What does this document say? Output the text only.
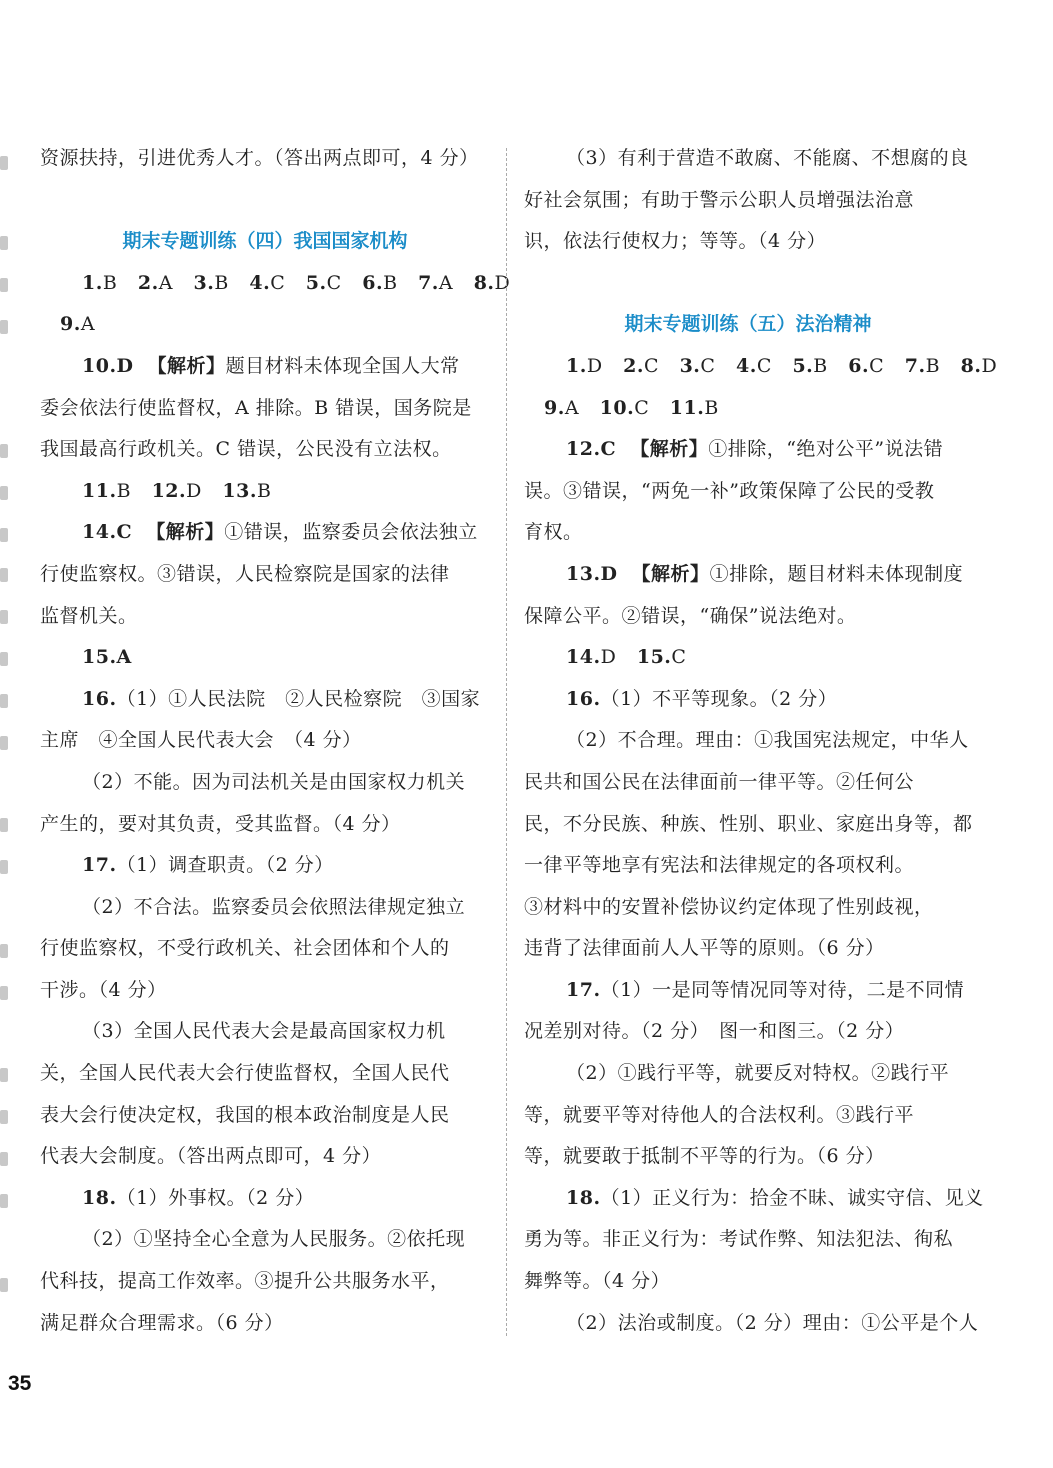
资源扶持，引进优秀人才。（答出两点即可，4 分）
期末专题训练（四）我国国家机构
1.B 2.A 3.B 4.C 5.C 6.B 7.A 8.D
9.A
10.D 【解析】题目材料未体现全国人大常
委会依法行使监督权，A 排除。B 错误，国务院是
我国最高行政机关。C 错误，公民没有立法权。
11.B 12.D 13.B
14.C 【解析】①错误，监察委员会依法独立
行使监察权。③错误，人民检察院是国家的法律
监督机关。
15.A
16.（1）①人民法院　②人民检察院　③国家
主席　④全国人民代表大会　（4 分）
（2）不能。因为司法机关是由国家权力机关
产生的，要对其负责，受其监督。（4 分）
17.（1）调查职责。（2 分）
（2）不合法。监察委员会依照法律规定独立
行使监察权，不受行政机关、社会团体和个人的
干涉。（4 分）
（3）全国人民代表大会是最高国家权力机
关，全国人民代表大会行使监督权，全国人民代
表大会行使决定权，我国的根本政治制度是人民
代表大会制度。（答出两点即可，4 分）
18.（1）外事权。（2 分）
（2）①坚持全心全意为人民服务。②依托现
代科技，提高工作效率。③提升公共服务水平，
满足群众合理需求。（6 分）
（3）有利于营造不敢腐、不能腐、不想腐的良
好社会氛围；有助于警示公职人员增强法治意
识，依法行使权力；等等。（4 分）
期末专题训练（五）法治精神
1.D 2.C 3.C 4.C 5.B 6.C 7.B 8.D
9.A 10.C 11.B
12.C 【解析】①排除，“绝对公平”说法错
误。③错误，“两免一补”政策保障了公民的受教
育权。
13.D 【解析】①排除，题目材料未体现制度
保障公平。②错误，“确保”说法绝对。
14.D 15.C
16.（1）不平等现象。（2 分）
（2）不合理。理由：①我国宪法规定，中华人
民共和国公民在法律面前一律平等。②任何公
民，不分民族、种族、性别、职业、家庭出身等，都
一律平等地享有宪法和法律规定的各项权利。
③材料中的安置补偿协议约定体现了性别歧视，
违背了法律面前人人平等的原则。（6 分）
17.（1）一是同等情况同等对待，二是不同情
况差别对待。（2 分）　图一和图三。（2 分）
（2）①践行平等，就要反对特权。②践行平
等，就要平等对待他人的合法权利。③践行平
等，就要敢于抵制不平等的行为。（6 分）
18.（1）正义行为：拾金不昧、诚实守信、见义
勇为等。非正义行为：考试作弊、知法犯法、徇私
舞弊等。（4 分）
（2）法治或制度。（2 分）理由：①公平是个人
35
